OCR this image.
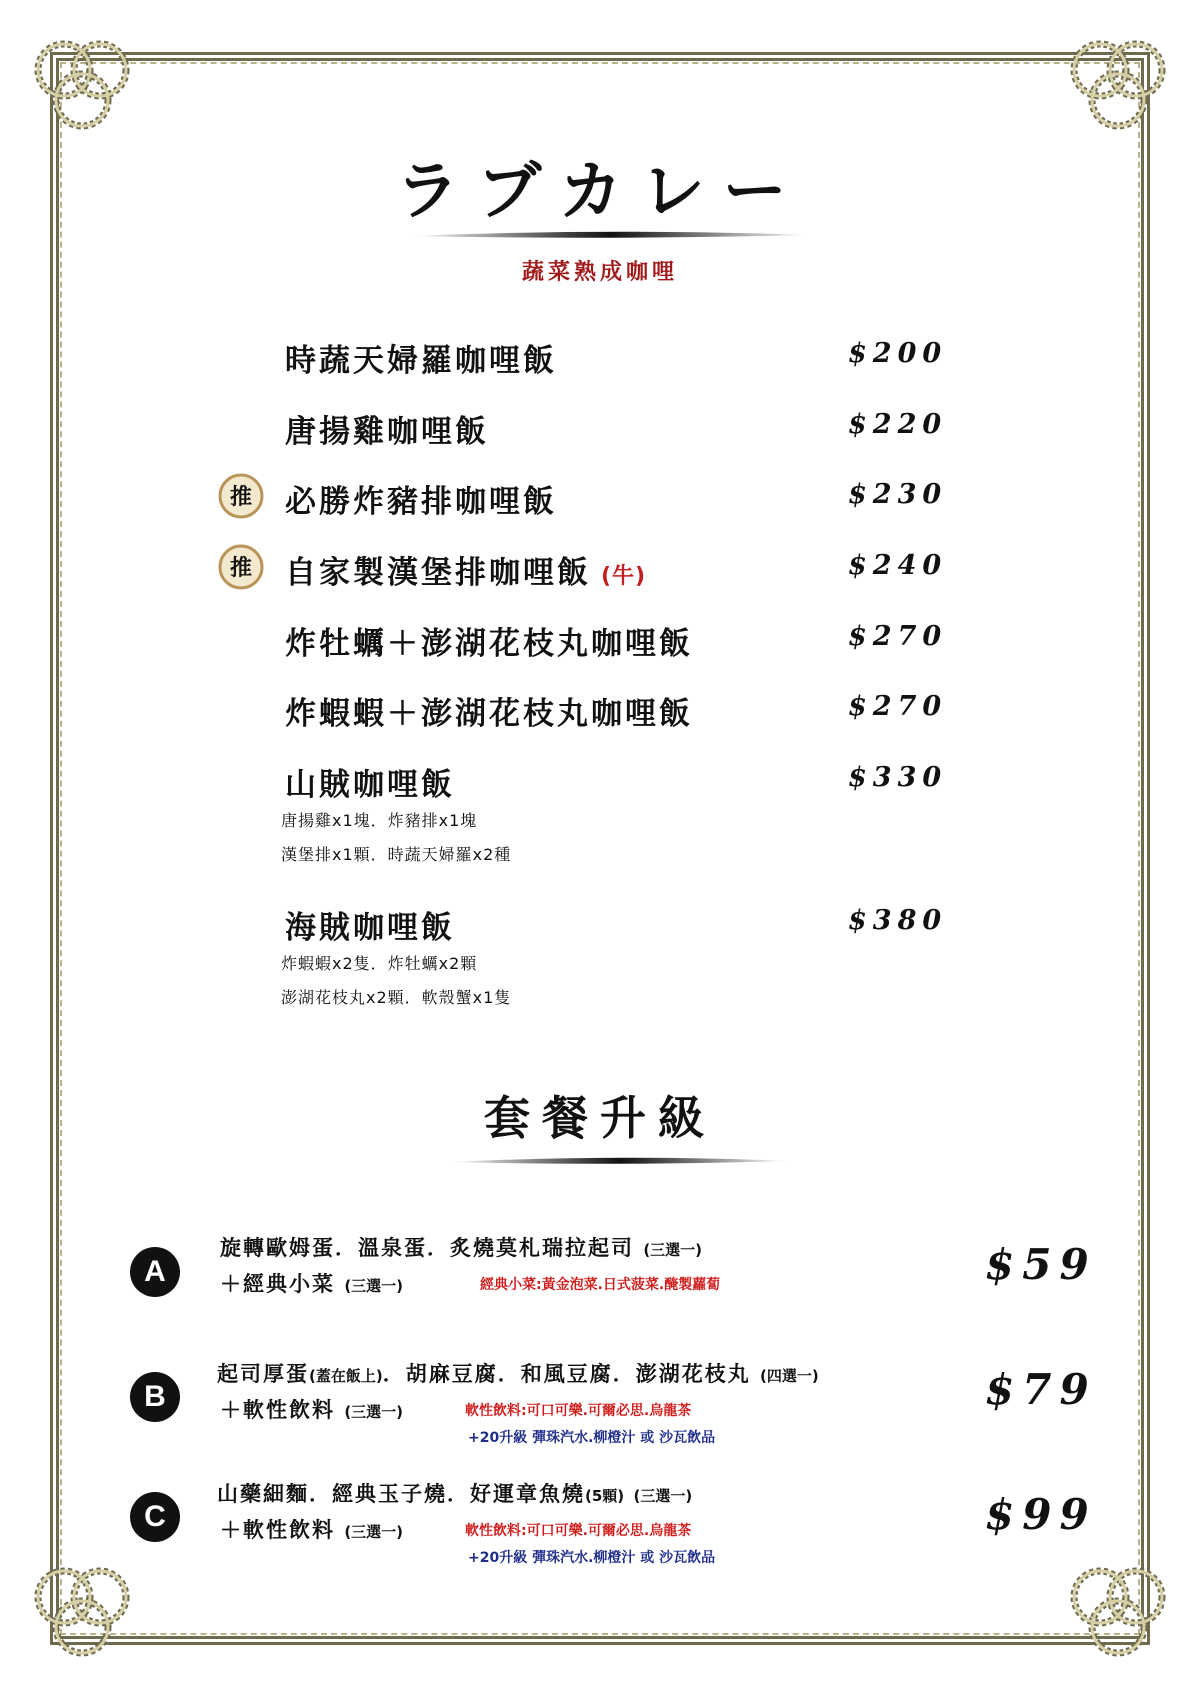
ラブカレー
蔬菜熟成咖哩
時蔬天婦羅咖哩飯	$200
唐揚雞咖哩飯	$220
推 必勝炸豬排咖哩飯	$230
推 自家製漢堡排咖哩飯 (牛)	$240
炸牡蠣＋澎湖花枝丸咖哩飯	$270
炸蝦蝦＋澎湖花枝丸咖哩飯	$270
山賊咖哩飯	$330
唐揚雞x1塊．炸豬排x1塊
漢堡排x1顆．時蔬天婦羅x2種
海賊咖哩飯	$380
炸蝦蝦x2隻．炸牡蠣x2顆
澎湖花枝丸x2顆．軟殼蟹x1隻
套餐升級
A
旋轉歐姆蛋．溫泉蛋．炙燒莫札瑞拉起司 (三選一)
＋經典小菜 (三選一)	經典小菜:黃金泡菜.日式菠菜.醃製蘿蔔	$59
B
起司厚蛋(蓋在飯上)．胡麻豆腐．和風豆腐．澎湖花枝丸 (四選一)
＋軟性飲料 (三選一)	軟性飲料:可口可樂.可爾必思.烏龍茶
+20升級 彈珠汽水.柳橙汁 或 沙瓦飲品
$79
C
山藥細麵．經典玉子燒．好運章魚燒(5顆) (三選一)
＋軟性飲料 (三選一)	軟性飲料:可口可樂.可爾必思.烏龍茶
+20升級 彈珠汽水.柳橙汁 或 沙瓦飲品
$99
